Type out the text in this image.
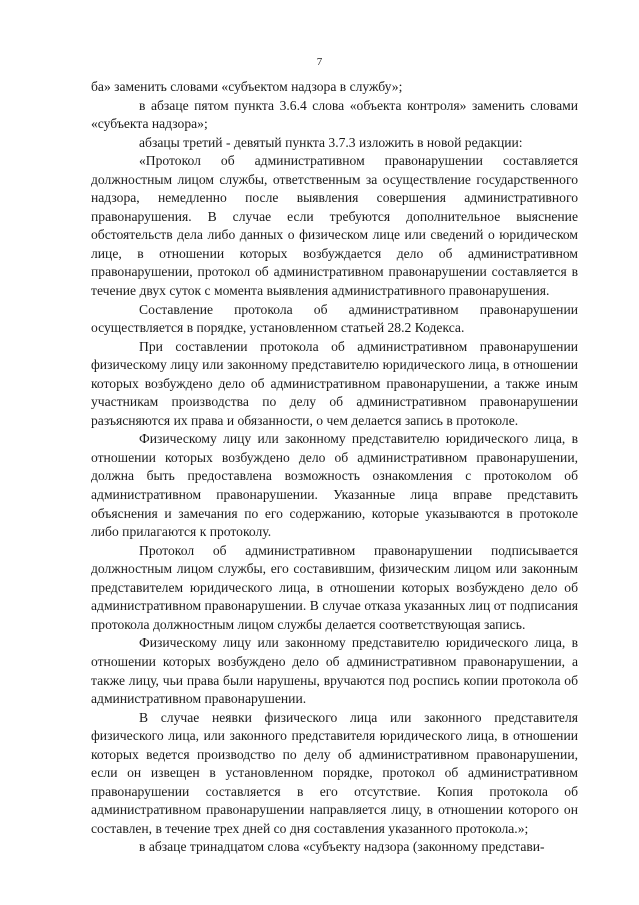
7

ба» заменить словами «субъектом надзора в службу»;

в абзаце пятом пункта 3.6.4 слова «объекта контроля» заменить словами «субъекта надзора»;

абзацы третий - девятый пункта 3.7.3 изложить в новой редакции:

«Протокол об административном правонарушении составляется должностным лицом службы, ответственным за осуществление государственного надзора, немедленно после выявления совершения административного правонарушения. В случае если требуются дополнительное выяснение обстоятельств дела либо данных о физическом лице или сведений о юридическом лице, в отношении которых возбуждается дело об административном правонарушении, протокол об административном правонарушении составляется в течение двух суток с момента выявления административного правонарушения.

Составление протокола об административном правонарушении осуществляется в порядке, установленном статьей 28.2 Кодекса.

При составлении протокола об административном правонарушении физическому лицу или законному представителю юридического лица, в отношении которых возбуждено дело об административном правонарушении, а также иным участникам производства по делу об административном правонарушении разъясняются их права и обязанности, о чем делается запись в протоколе.

Физическому лицу или законному представителю юридического лица, в отношении которых возбуждено дело об административном правонарушении, должна быть предоставлена возможность ознакомления с протоколом об административном правонарушении. Указанные лица вправе представить объяснения и замечания по его содержанию, которые указываются в протоколе либо прилагаются к протоколу.

Протокол об административном правонарушении подписывается должностным лицом службы, его составившим, физическим лицом или законным представителем юридического лица, в отношении которых возбуждено дело об административном правонарушении. В случае отказа указанных лиц от подписания протокола должностным лицом службы делается соответствующая запись.

Физическому лицу или законному представителю юридического лица, в отношении которых возбуждено дело об административном правонарушении, а также лицу, чьи права были нарушены, вручаются под роспись копии протокола об административном правонарушении.

В случае неявки физического лица или законного представителя физического лица, или законного представителя юридического лица, в отношении которых ведется производство по делу об административном правонарушении, если он извещен в установленном порядке, протокол об административном правонарушении составляется в его отсутствие. Копия протокола об административном правонарушении направляется лицу, в отношении которого он составлен, в течение трех дней со дня составления указанного протокола.»;

в абзаце тринадцатом слова «субъекту надзора (законному представи-
